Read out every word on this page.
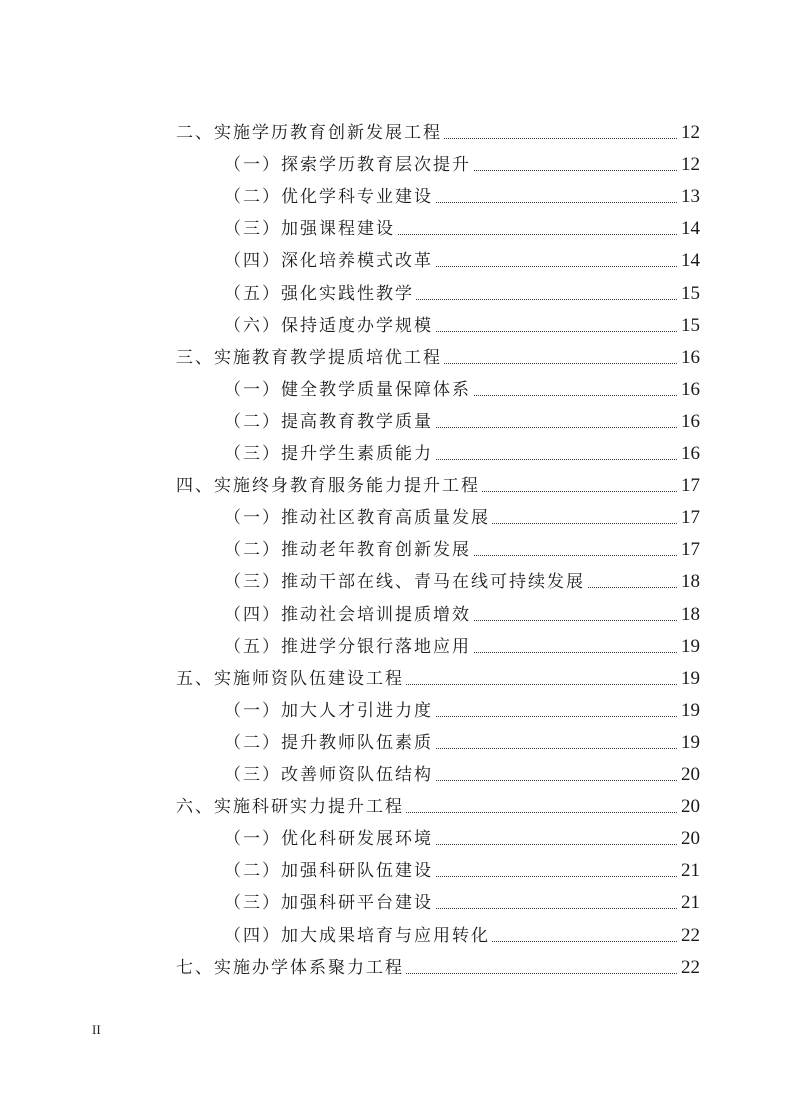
二、实施学历教育创新发展工程	12
（一）探索学历教育层次提升	12
（二）优化学科专业建设	13
（三）加强课程建设	14
（四）深化培养模式改革	14
（五）强化实践性教学	15
（六）保持适度办学规模	15
三、实施教育教学提质培优工程	16
（一）健全教学质量保障体系	16
（二）提高教育教学质量	16
（三）提升学生素质能力	16
四、实施终身教育服务能力提升工程	17
（一）推动社区教育高质量发展	17
（二）推动老年教育创新发展	17
（三）推动干部在线、青马在线可持续发展	18
（四）推动社会培训提质增效	18
（五）推进学分银行落地应用	19
五、实施师资队伍建设工程	19
（一）加大人才引进力度	19
（二）提升教师队伍素质	19
（三）改善师资队伍结构	20
六、实施科研实力提升工程	20
（一）优化科研发展环境	20
（二）加强科研队伍建设	21
（三）加强科研平台建设	21
（四）加大成果培育与应用转化	22
七、实施办学体系聚力工程	22
II
